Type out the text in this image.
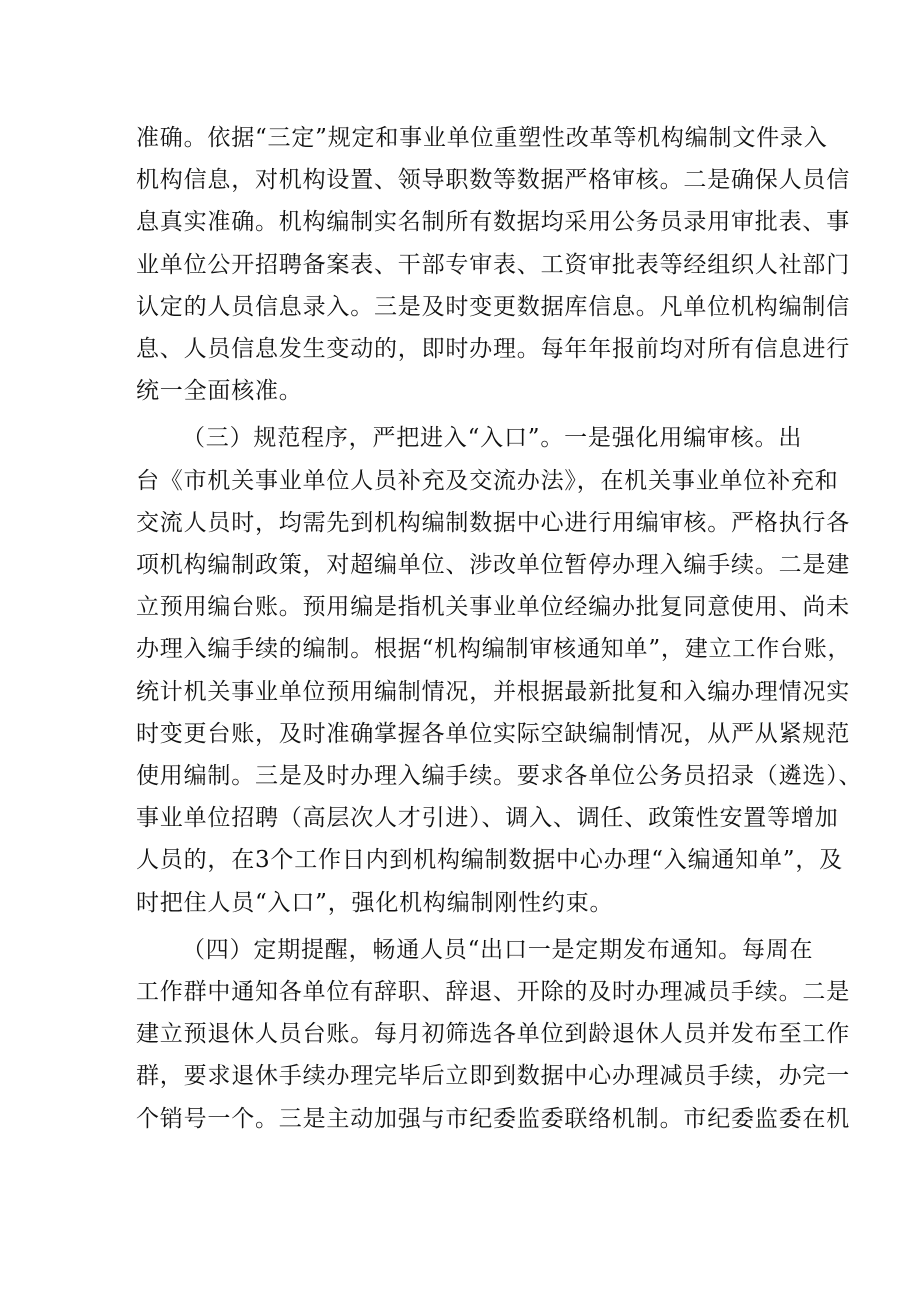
准确。依据“三定”规定和事业单位重塑性改革等机构编制文件录入
机构信息，对机构设置、领导职数等数据严格审核。二是确保人员信
息真实准确。机构编制实名制所有数据均采用公务员录用审批表、事
业单位公开招聘备案表、干部专审表、工资审批表等经组织人社部门
认定的人员信息录入。三是及时变更数据库信息。凡单位机构编制信
息、人员信息发生变动的，即时办理。每年年报前均对所有信息进行
统一全面核准。
（三）规范程序，严把进入“入口”。一是强化用编审核。出
台《市机关事业单位人员补充及交流办法》，在机关事业单位补充和
交流人员时，均需先到机构编制数据中心进行用编审核。严格执行各
项机构编制政策，对超编单位、涉改单位暂停办理入编手续。二是建
立预用编台账。预用编是指机关事业单位经编办批复同意使用、尚未
办理入编手续的编制。根据“机构编制审核通知单”，建立工作台账，
统计机关事业单位预用编制情况，并根据最新批复和入编办理情况实
时变更台账，及时准确掌握各单位实际空缺编制情况，从严从紧规范
使用编制。三是及时办理入编手续。要求各单位公务员招录（遴选）、
事业单位招聘（高层次人才引进）、调入、调任、政策性安置等增加
人员的，在3个工作日内到机构编制数据中心办理“入编通知单”，及
时把住人员“入口”，强化机构编制刚性约束。
（四）定期提醒，畅通人员“出口一是定期发布通知。每周在
工作群中通知各单位有辞职、辞退、开除的及时办理减员手续。二是
建立预退休人员台账。每月初筛选各单位到龄退休人员并发布至工作
群，要求退休手续办理完毕后立即到数据中心办理减员手续，办完一
个销号一个。三是主动加强与市纪委监委联络机制。市纪委监委在机
